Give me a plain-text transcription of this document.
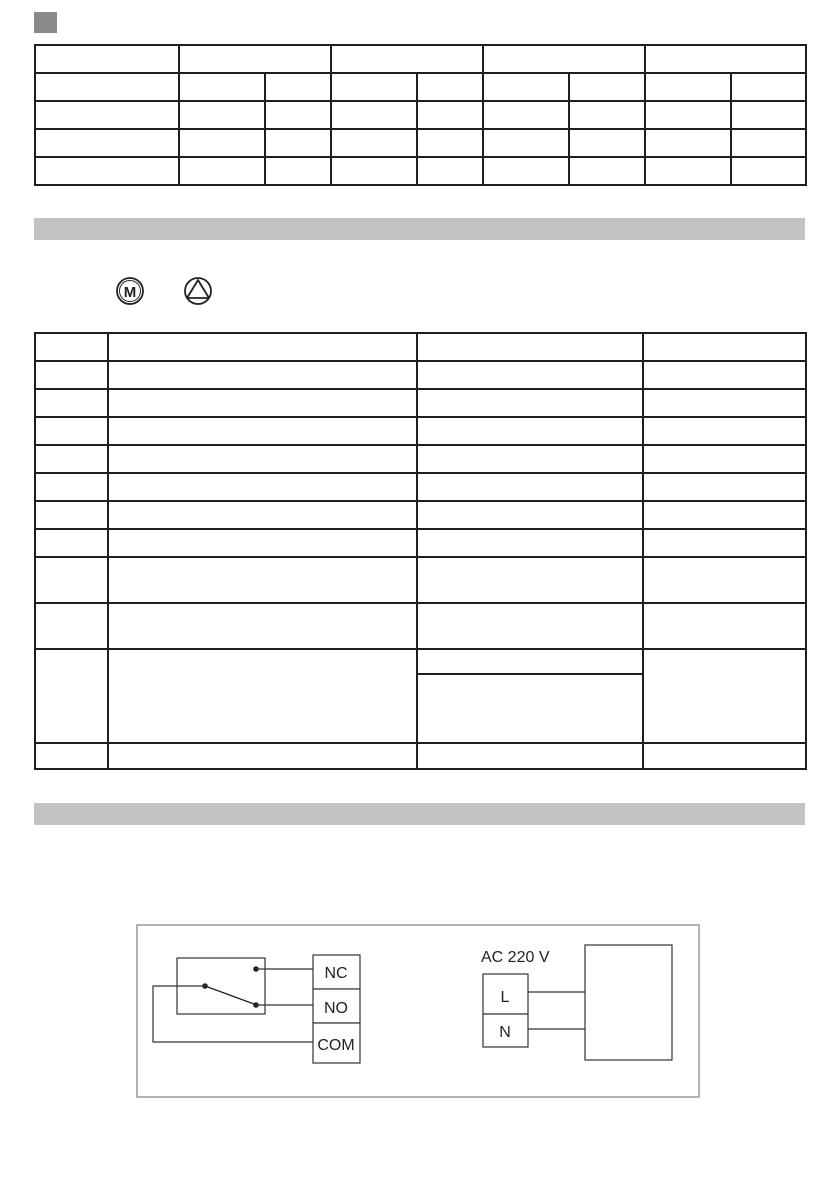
M

NC
NO
COM
AC 220 V
L
N
